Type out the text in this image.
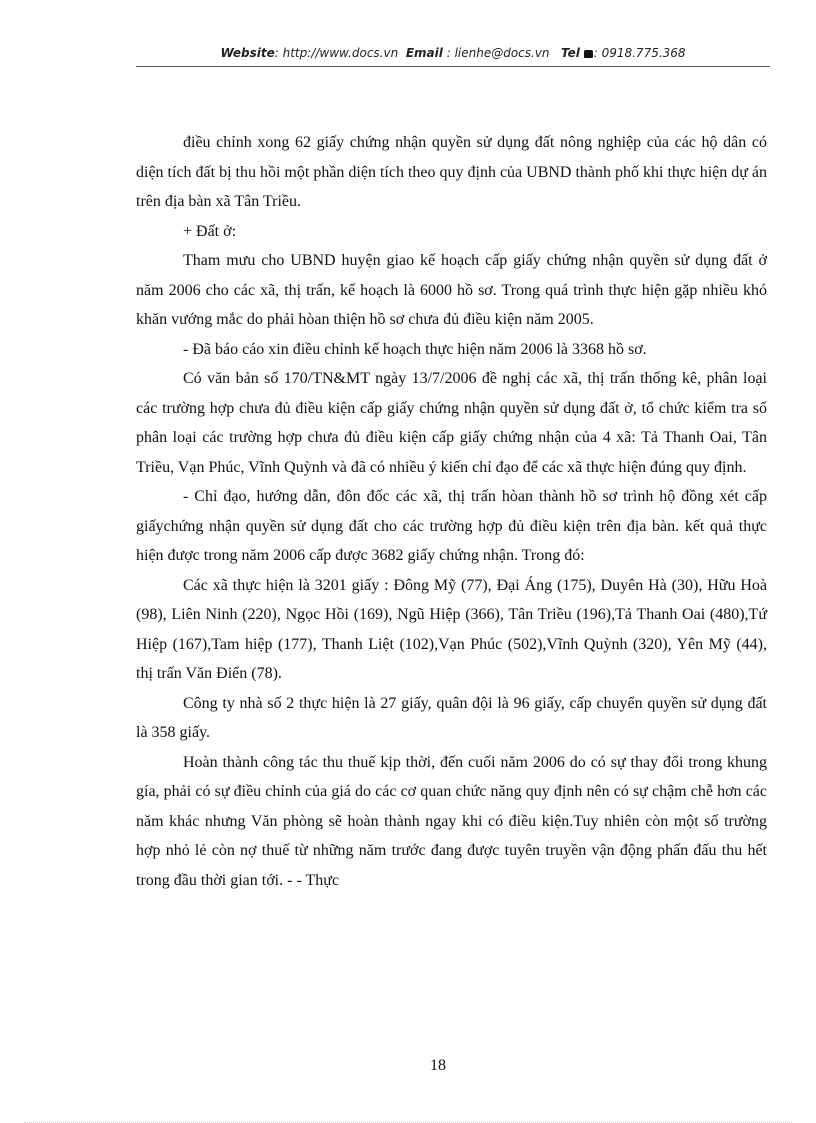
Website: http://www.docs.vn Email : lienhe@docs.vn Tel : 0918.775.368

điều chỉnh xong 62 giấy chứng nhận quyền sử dụng đất nông nghiệp của các hộ dân có diện tích đất bị thu hồi một phần diện tích theo quy định của UBND thành phố khi thực hiện dự án trên địa bàn xã Tân Triều.

+ Đất ở:

Tham mưu cho UBND huyện giao kế hoạch cấp giấy chứng nhận quyền sử dụng đất ở năm 2006 cho các xã, thị trấn, kế hoạch là 6000 hồ sơ. Trong quá trình thực hiện gặp nhiều khó khăn vướng mắc do phải hòan thiện hồ sơ chưa đủ điều kiện năm 2005.

- Đã báo cáo xin điều chỉnh kế hoạch thực hiện năm 2006 là 3368 hồ sơ.

Có văn bản số 170/TN&MT ngày 13/7/2006 đề nghị các xã, thị trấn thống kê, phân loại các trường hợp chưa đủ điều kiện cấp giấy chứng nhận quyền sử dụng đất ở, tổ chức kiểm tra số phân loại các trường hợp chưa đủ điều kiện cấp giấy chứng nhận của 4 xã: Tả Thanh Oai, Tân Triều, Vạn Phúc, Vĩnh Quỳnh và đã có nhiều ý kiến chỉ đạo để các xã thực hiện đúng quy định.

- Chỉ đạo, hướng dẫn, đôn đốc các xã, thị trấn hòan thành hồ sơ trình hộ đồng xét cấp giấychứng nhận quyền sử dụng đất cho các trường hợp đủ điều kiện trên địa bàn. kết quả thực hiện được trong năm 2006 cấp được 3682 giấy chứng nhận. Trong đó:

Các xã thực hiện là 3201 giấy : Đông Mỹ (77), Đại Áng (175), Duyên Hà (30), Hữu Hoà (98), Liên Ninh (220), Ngọc Hồi (169), Ngũ Hiệp (366), Tân Triều (196),Tả Thanh Oai (480),Tứ Hiệp (167),Tam hiệp (177), Thanh Liệt (102),Vạn Phúc (502),Vĩnh Quỳnh (320), Yên Mỹ (44), thị trấn Văn Điển (78).

Công ty nhà số 2 thực hiện là 27 giấy, quân đội là 96 giấy, cấp chuyển quyền sử dụng đất là 358 giấy.

Hoàn thành công tác thu thuế kịp thời, đến cuối năm 2006 do có sự thay đổi trong khung gía, phải có sự điều chỉnh của giá do các cơ quan chức năng quy định nên có sự chậm chễ hơn các năm khác nhưng Văn phòng sẽ hoàn thành ngay khi có điều kiện.Tuy nhiên còn một số trường hợp nhỏ lẻ còn nợ thuế từ những năm trước đang được tuyên truyền vận động phấn đấu thu hết trong đầu thời gian tới. - - Thực

18
